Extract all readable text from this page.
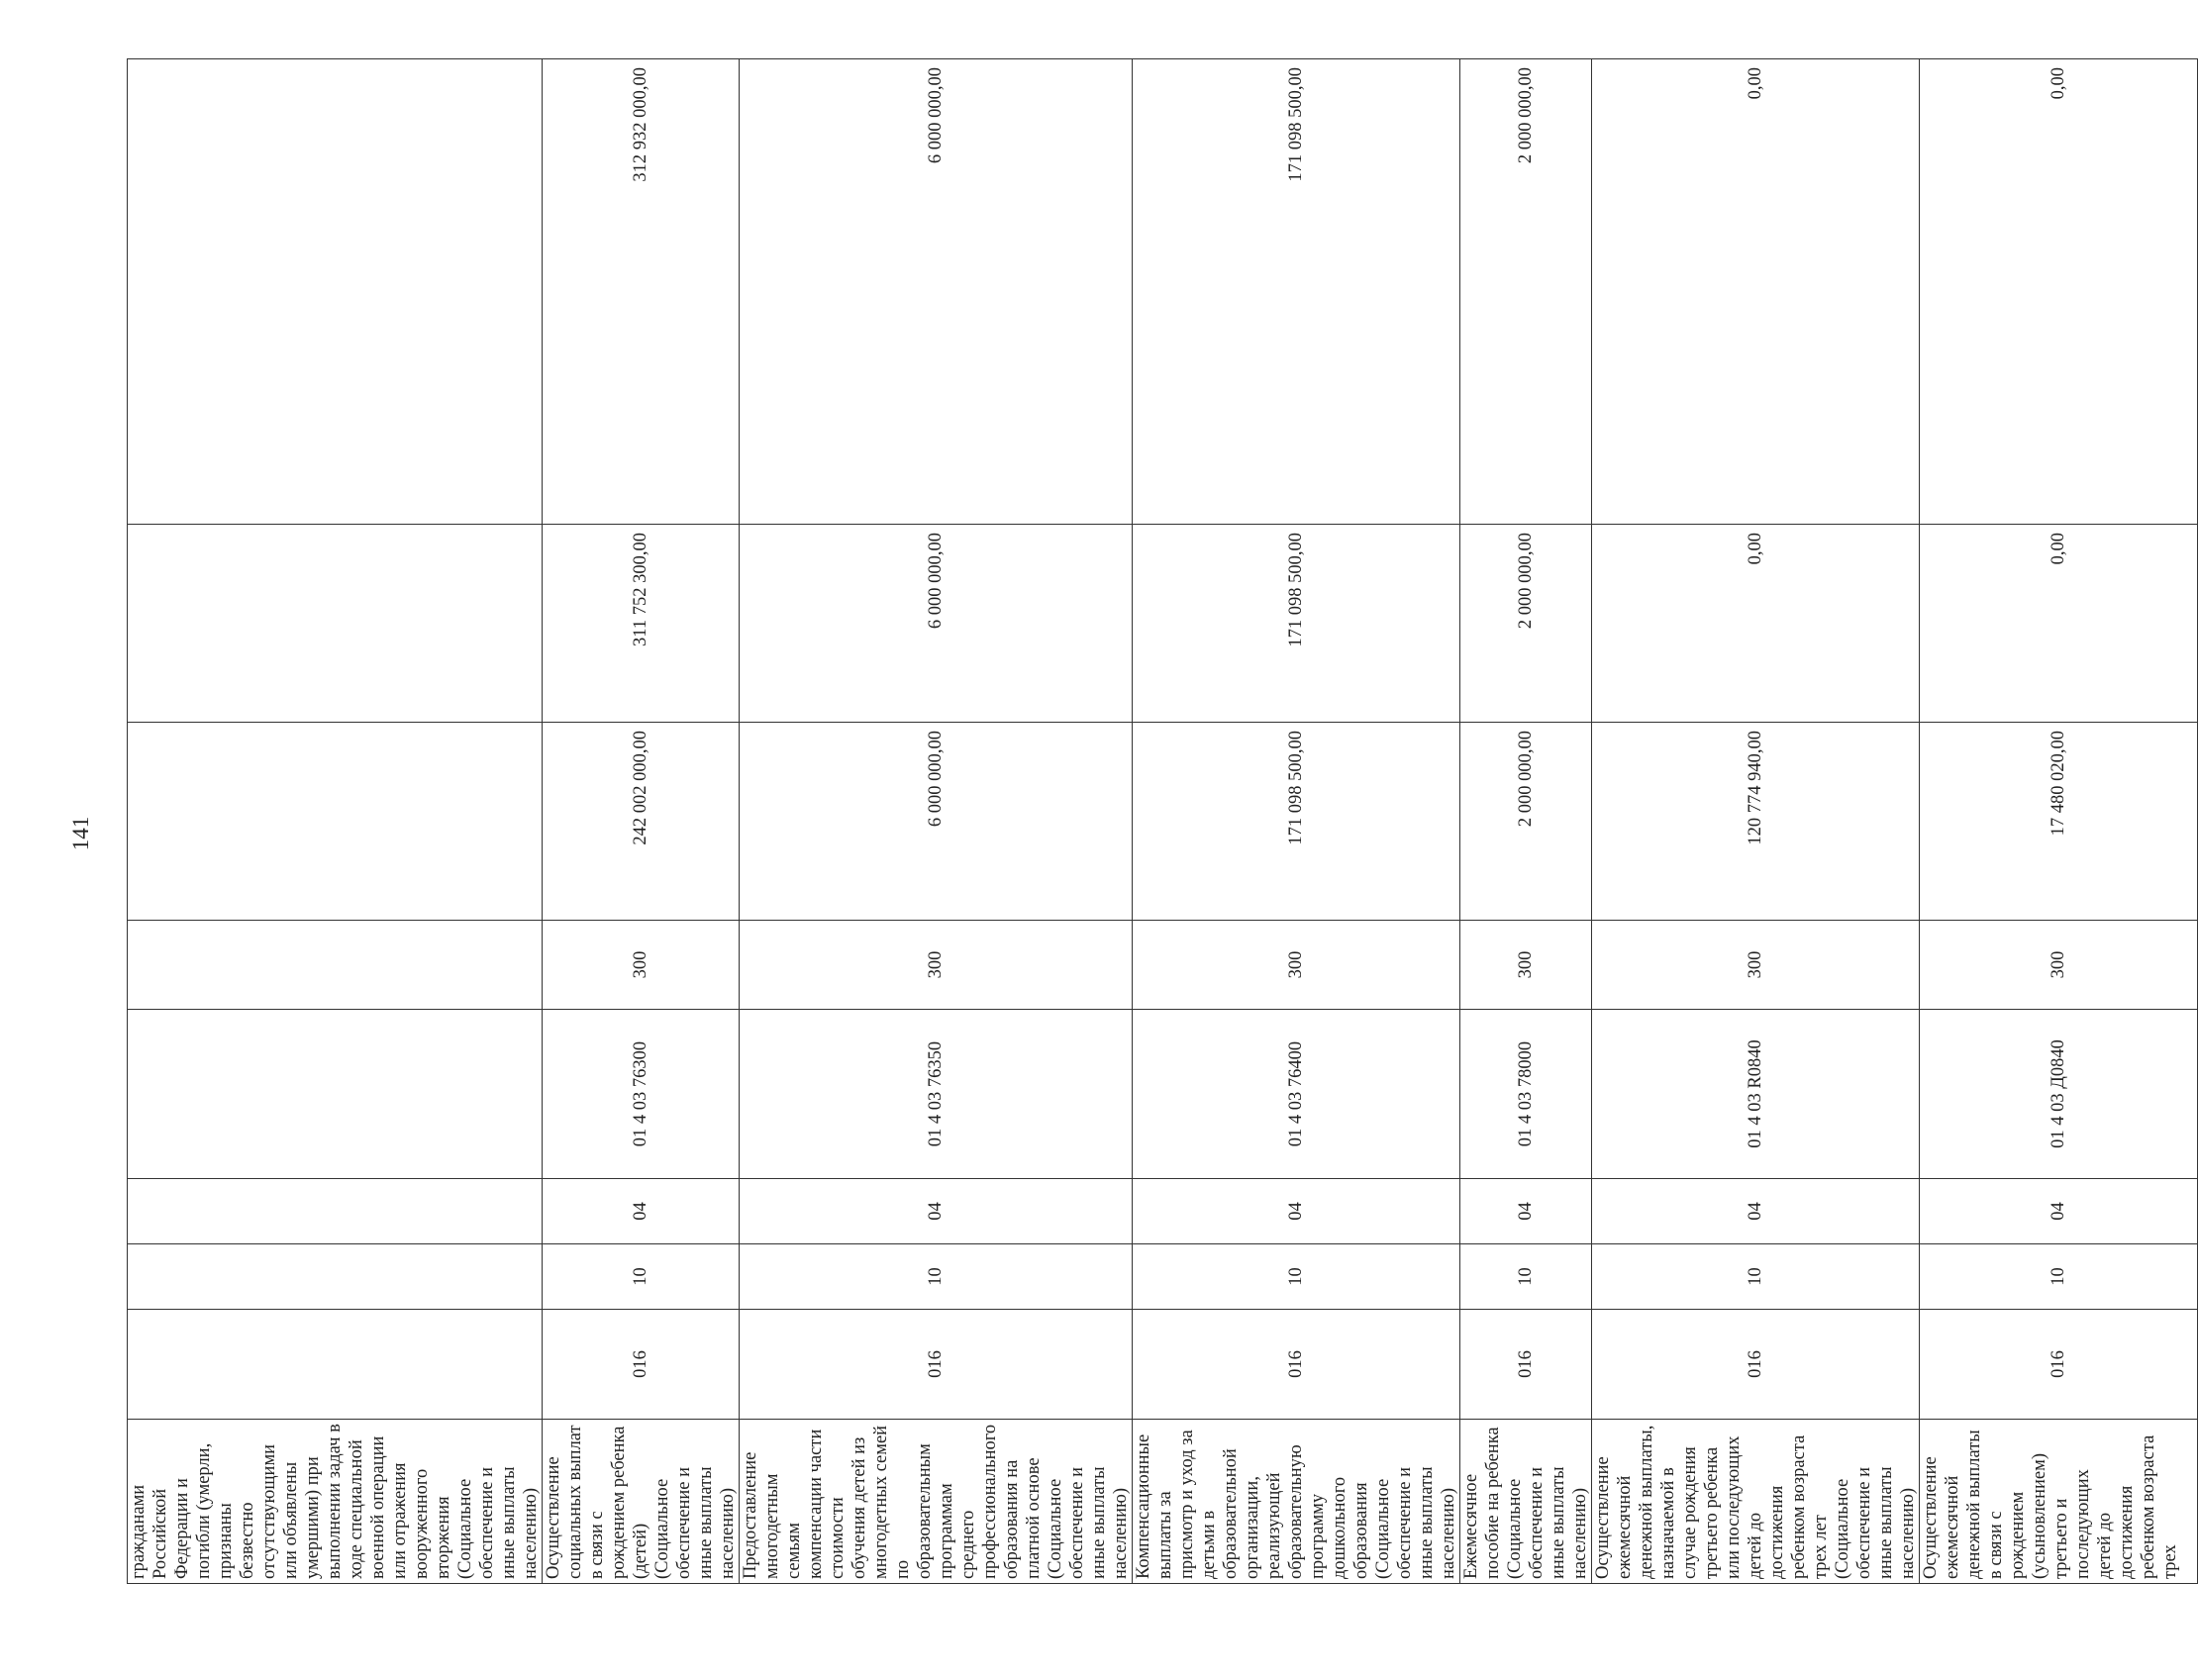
141
гражданами Российской Федерации и погибли (умерли, признаны безвестно отсутствующими или объявлены умершими) при выполнении задач в ходе специальной военной операции или отражения вооруженного вторжения (Социальное обеспечение и иные выплаты населению)								
Осуществление социальных выплат в связи с рождением ребенка (детей) (Социальное обеспечение и иные выплаты населению)	016	10	04	01 4 03 76300	300	242 002 000,00	311 752 300,00	312 932 000,00
Предоставление многодетным семьям компенсации части стоимости обучения детей из многодетных семей по образовательным программам среднего профессионального образования на платной основе (Социальное обеспечение и иные выплаты населению)	016	10	04	01 4 03 76350	300	6 000 000,00	6 000 000,00	6 000 000,00
Компенсационные выплаты за присмотр и уход за детьми в образовательной организации, реализующей образовательную программу дошкольного образования (Социальное обеспечение и иные выплаты населению)	016	10	04	01 4 03 76400	300	171 098 500,00	171 098 500,00	171 098 500,00
Ежемесячное пособие на ребенка (Социальное обеспечение и иные выплаты населению)	016	10	04	01 4 03 78000	300	2 000 000,00	2 000 000,00	2 000 000,00
Осуществление ежемесячной денежной выплаты, назначаемой в случае рождения третьего ребенка или последующих детей до достижения ребенком возраста трех лет (Социальное обеспечение и иные выплаты населению)	016	10	04	01 4 03 R0840	300	120 774 940,00	0,00	0,00
Осуществление ежемесячной денежной выплаты в связи с рождением (усыновлением) третьего и последующих детей до достижения ребенком возраста трех	016	10	04	01 4 03 Д0840	300	17 480 020,00	0,00	0,00
